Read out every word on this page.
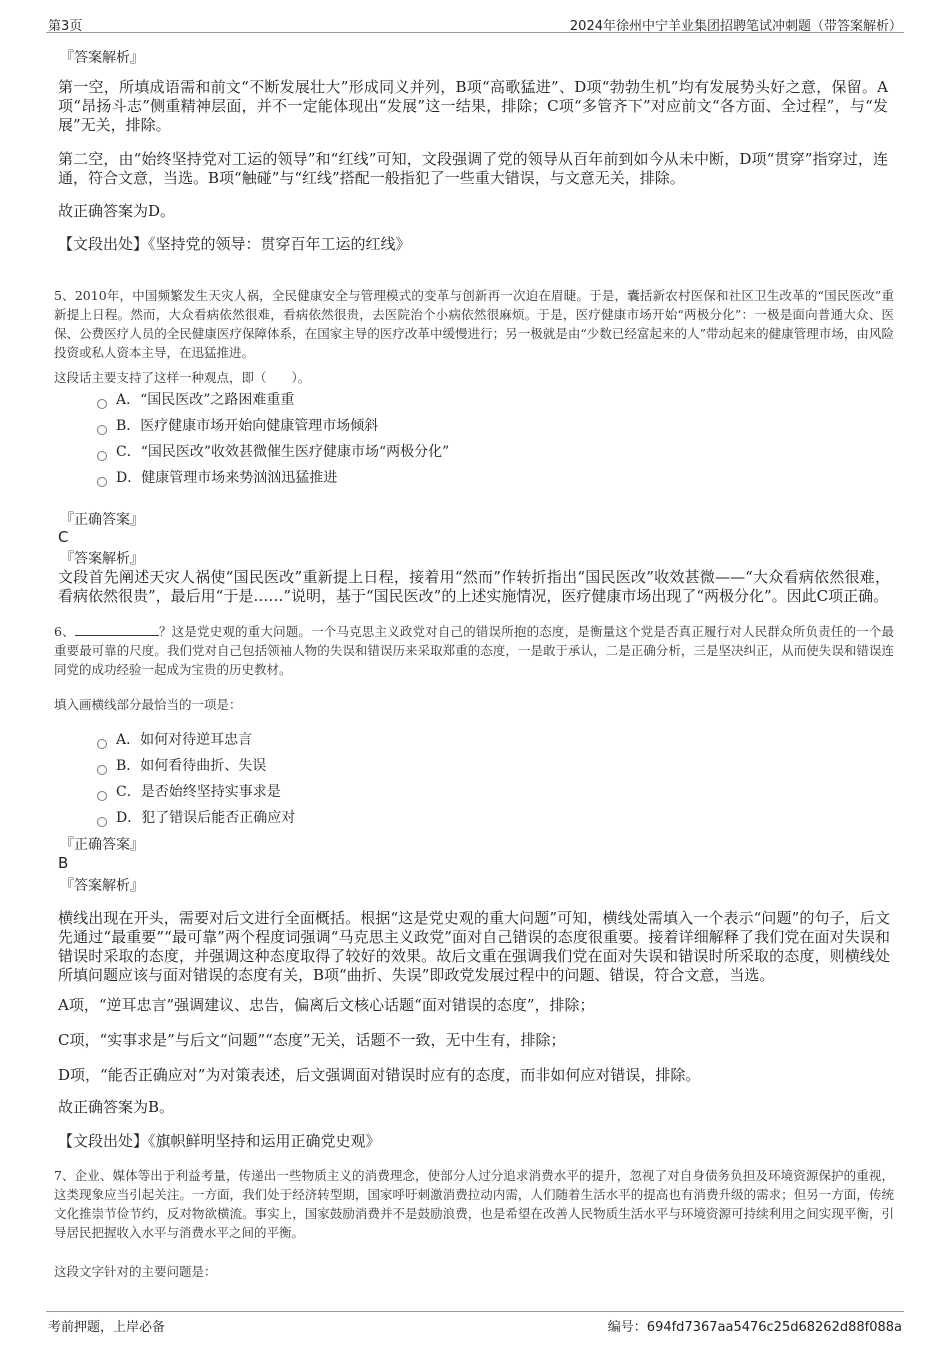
第3页	2024年徐州中宁羊业集团招聘笔试冲刺题（带答案解析）
『答案解析』
第一空，所填成语需和前文“不断发展壮大”形成同义并列，B项“高歌猛进”、D项“勃勃生机”均有发展势头好之意，保留。A项“昂扬斗志”侧重精神层面，并不一定能体现出“发展”这一结果，排除；C项“多管齐下”对应前文“各方面、全过程”，与“发展”无关，排除。
第二空，由“始终坚持党对工运的领导”和“红线”可知，文段强调了党的领导从百年前到如今从未中断，D项“贯穿”指穿过，连通，符合文意，当选。B项“触碰”与“红线”搭配一般指犯了一些重大错误，与文意无关，排除。
故正确答案为D。
【文段出处】《坚持党的领导：贯穿百年工运的红线》
5、2010年，中国频繁发生天灾人祸，全民健康安全与管理模式的变革与创新再一次迫在眉睫。于是，囊括新农村医保和社区卫生改革的“国民医改”重新提上日程。然而，大众看病依然很难，看病依然很贵，去医院治个小病依然很麻烦。于是，医疗健康市场开始“两极分化”：一极是面向普通大众、医保、公费医疗人员的全民健康医疗保障体系，在国家主导的医疗改革中缓慢进行；另一极就是由“少数已经富起来的人”带动起来的健康管理市场，由风险投资或私人资本主导，在迅猛推进。
这段话主要支持了这样一种观点，即（　　）。
A．“国民医改”之路困难重重
B．医疗健康市场开始向健康管理市场倾斜
C．“国民医改”收效甚微催生医疗健康市场“两极分化”
D．健康管理市场来势汹汹迅猛推进
『正确答案』
C
『答案解析』
文段首先阐述天灾人祸使“国民医改”重新提上日程，接着用“然而”作转折指出“国民医改”收效甚微——“大众看病依然很难，看病依然很贵”，最后用“于是……”说明，基于“国民医改”的上述实施情况，医疗健康市场出现了“两极分化”。因此C项正确。
6、	？这是党史观的重大问题。一个马克思主义政党对自己的错误所抱的态度，是衡量这个党是否真正履行对人民群众所负责任的一个最重要最可靠的尺度。我们党对自己包括领袖人物的失误和错误历来采取郑重的态度，一是敢于承认，二是正确分析，三是坚决纠正，从而使失误和错误连同党的成功经验一起成为宝贵的历史教材。
填入画横线部分最恰当的一项是：
A．如何对待逆耳忠言
B．如何看待曲折、失误
C．是否始终坚持实事求是
D．犯了错误后能否正确应对
『正确答案』
B
『答案解析』
横线出现在开头，需要对后文进行全面概括。根据“这是党史观的重大问题”可知，横线处需填入一个表示“问题”的句子，后文先通过“最重要”“最可靠”两个程度词强调“马克思主义政党”面对自己错误的态度很重要。接着详细解释了我们党在面对失误和错误时采取的态度，并强调这种态度取得了较好的效果。故后文重在强调我们党在面对失误和错误时所采取的态度，则横线处所填问题应该与面对错误的态度有关，B项“曲折、失误”即政党发展过程中的问题、错误，符合文意，当选。
A项，“逆耳忠言”强调建议、忠告，偏离后文核心话题“面对错误的态度”，排除；
C项，“实事求是”与后文“问题”“态度”无关，话题不一致，无中生有，排除；
D项，“能否正确应对”为对策表述，后文强调面对错误时应有的态度，而非如何应对错误，排除。
故正确答案为B。
【文段出处】《旗帜鲜明坚持和运用正确党史观》
7、企业、媒体等出于利益考量，传递出一些物质主义的消费理念，使部分人过分追求消费水平的提升，忽视了对自身债务负担及环境资源保护的重视，这类现象应当引起关注。一方面，我们处于经济转型期，国家呼吁刺激消费拉动内需，人们随着生活水平的提高也有消费升级的需求；但另一方面，传统文化推崇节俭节约，反对物欲横流。事实上，国家鼓励消费并不是鼓励浪费，也是希望在改善人民物质生活水平与环境资源可持续利用之间实现平衡，引导居民把握收入水平与消费水平之间的平衡。
这段文字针对的主要问题是：
考前押题，上岸必备	编号：694fd7367aa5476c25d68262d88f088a
